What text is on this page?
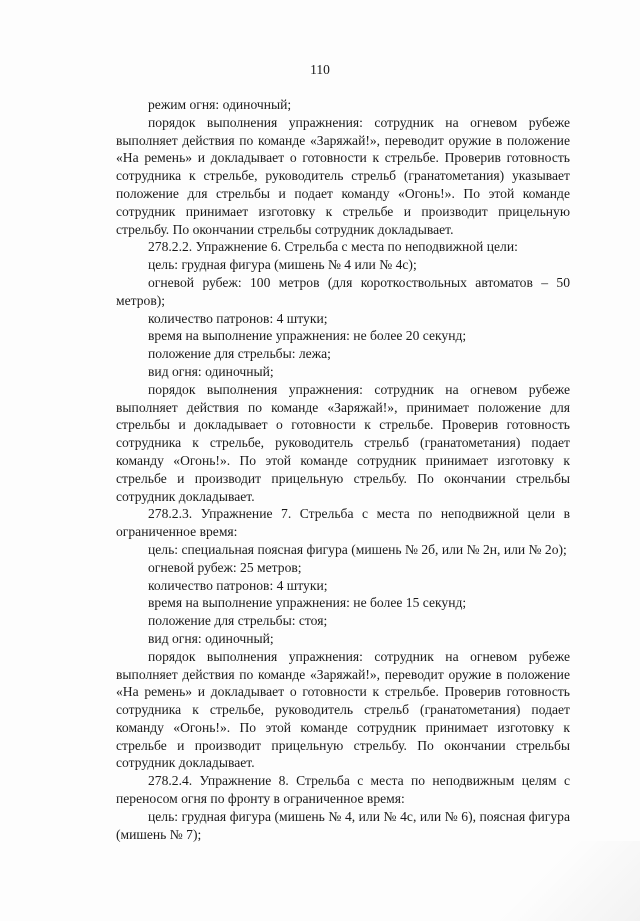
110

режим огня: одиночный;

порядок выполнения упражнения: сотрудник на огневом рубеже выполняет действия по команде «Заряжай!», переводит оружие в положение «На ремень» и докладывает о готовности к стрельбе. Проверив готовность сотрудника к стрельбе, руководитель стрельб (гранатометания) указывает положение для стрельбы и подает команду «Огонь!». По этой команде сотрудник принимает изготовку к стрельбе и производит прицельную стрельбу. По окончании стрельбы сотрудник докладывает.

278.2.2. Упражнение 6. Стрельба с места по неподвижной цели:

цель: грудная фигура (мишень № 4 или № 4с);

огневой рубеж: 100 метров (для короткоствольных автоматов – 50 метров);

количество патронов: 4 штуки;

время на выполнение упражнения: не более 20 секунд;

положение для стрельбы: лежа;

вид огня: одиночный;

порядок выполнения упражнения: сотрудник на огневом рубеже выполняет действия по команде «Заряжай!», принимает положение для стрельбы и докладывает о готовности к стрельбе. Проверив готовность сотрудника к стрельбе, руководитель стрельб (гранатометания) подает команду «Огонь!». По этой команде сотрудник принимает изготовку к стрельбе и производит прицельную стрельбу. По окончании стрельбы сотрудник докладывает.

278.2.3. Упражнение 7. Стрельба с места по неподвижной цели в ограниченное время:

цель: специальная поясная фигура (мишень № 2б, или № 2н, или № 2о);

огневой рубеж: 25 метров;

количество патронов: 4 штуки;

время на выполнение упражнения: не более 15 секунд;

положение для стрельбы: стоя;

вид огня: одиночный;

порядок выполнения упражнения: сотрудник на огневом рубеже выполняет действия по команде «Заряжай!», переводит оружие в положение «На ремень» и докладывает о готовности к стрельбе. Проверив готовность сотрудника к стрельбе, руководитель стрельб (гранатометания) подает команду «Огонь!». По этой команде сотрудник принимает изготовку к стрельбе и производит прицельную стрельбу. По окончании стрельбы сотрудник докладывает.

278.2.4. Упражнение 8. Стрельба с места по неподвижным целям с переносом огня по фронту в ограниченное время:

цель: грудная фигура (мишень № 4, или № 4с, или № 6), поясная фигура (мишень № 7);
